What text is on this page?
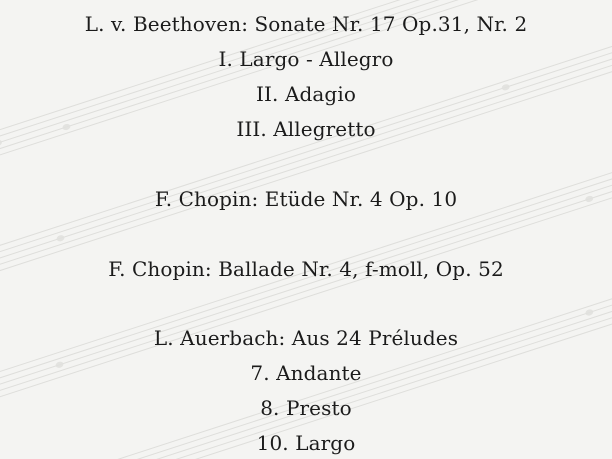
L. v. Beethoven: Sonate Nr. 17 Op.31, Nr. 2
I. Largo - Allegro
II. Adagio
III. Allegretto
F. Chopin: Etüde Nr. 4 Op. 10
F. Chopin: Ballade Nr. 4, f-moll, Op. 52
L. Auerbach: Aus 24 Préludes
7. Andante
8. Presto
10. Largo
